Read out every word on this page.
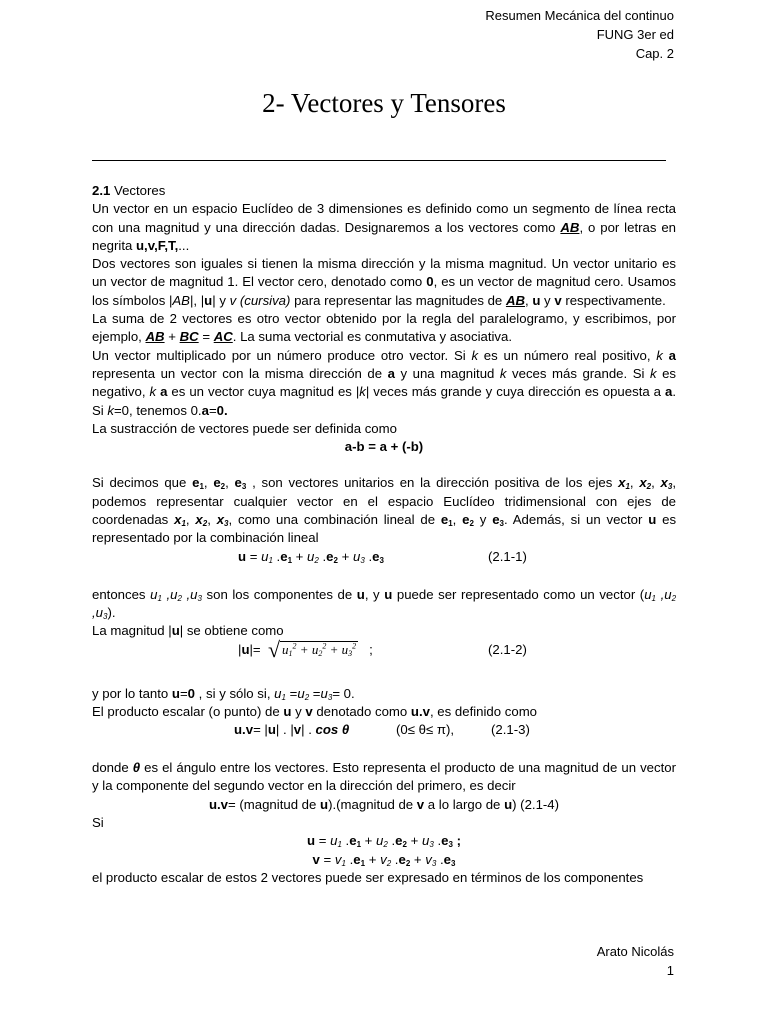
Resumen Mecánica del continuo
FUNG 3er ed
Cap. 2
2- Vectores y Tensores

2.1 Vectores

Un vector en un espacio Euclídeo de 3 dimensiones es definido como un segmento de línea recta con una magnitud y una dirección dadas. Designaremos a los vectores como AB, o por letras en negrita u,v,F,T,...

Dos vectores son iguales si tienen la misma dirección y la misma magnitud. Un vector unitario es un vector de magnitud 1. El vector cero, denotado como 0, es un vector de magnitud cero. Usamos los símbolos |AB|, |u| y v (cursiva) para representar las magnitudes de AB, u y v respectivamente.

La suma de 2 vectores es otro vector obtenido por la regla del paralelogramo, y escribimos, por ejemplo, AB + BC = AC. La suma vectorial es conmutativa y asociativa.

Un vector multiplicado por un número produce otro vector. Si k es un número real positivo, k a representa un vector con la misma dirección de a y una magnitud k veces más grande. Si k es negativo, k a es un vector cuya magnitud es |k| veces más grande y cuya dirección es opuesta a a. Si k=0, tenemos 0.a=0.

La sustracción de vectores puede ser definida como

a-b = a + (-b)

Si decimos que $e_1$, $e_2$, $e_3$ , son vectores unitarios en la dirección positiva de los ejes $x_1$, $x_2$, $x_3$, podemos representar cualquier vector en el espacio Euclídeo tridimensional con ejes de coordenadas $x_1$, $x_2$, $x_3$, como una combinación lineal de $e_1$, $e_2$ y $e_3$. Además, si un vector u es representado por la combinación lineal

$u = u_1$ $.e_1 + u_2$ $.e_2 + u_3$ $.e_3$	(2.1-1)

entonces $u_1$ $,u_2$ $,u_3$ son los componentes de u, y u puede ser representado como un vector ($u_1$ $,u_2$ $,u_3$).

La magnitud |u| se obtiene como

|u|= √ $u_1^2 + u_2^2 + u_3^2$ ;	(2.1-2)

y por lo tanto u=0 , si y sólo si, $u_1 =u_2 =u_3= 0$.

El producto escalar (o punto) de u y v denotado como u.v, es definido como

u.v= |u| . |v| . cos θ	(0≤ θ≤ π),	(2.1-3)

donde θ es el ángulo entre los vectores. Esto representa el producto de una magnitud de un vector y la componente del segundo vector en la dirección del primero, es decir

u.v= (magnitud de u).(magnitud de v a lo largo de u) (2.1-4)

Si

$u = u_1$ $.e_1 + u_2$ $.e_2 + u_3$ $.e_3$ ;

$v = v_1$ $.e_1 + v_2$ $.e_2 + v_3$ $.e_3$

el producto escalar de estos 2 vectores puede ser expresado en términos de los componentes

Arato Nicolás
1
